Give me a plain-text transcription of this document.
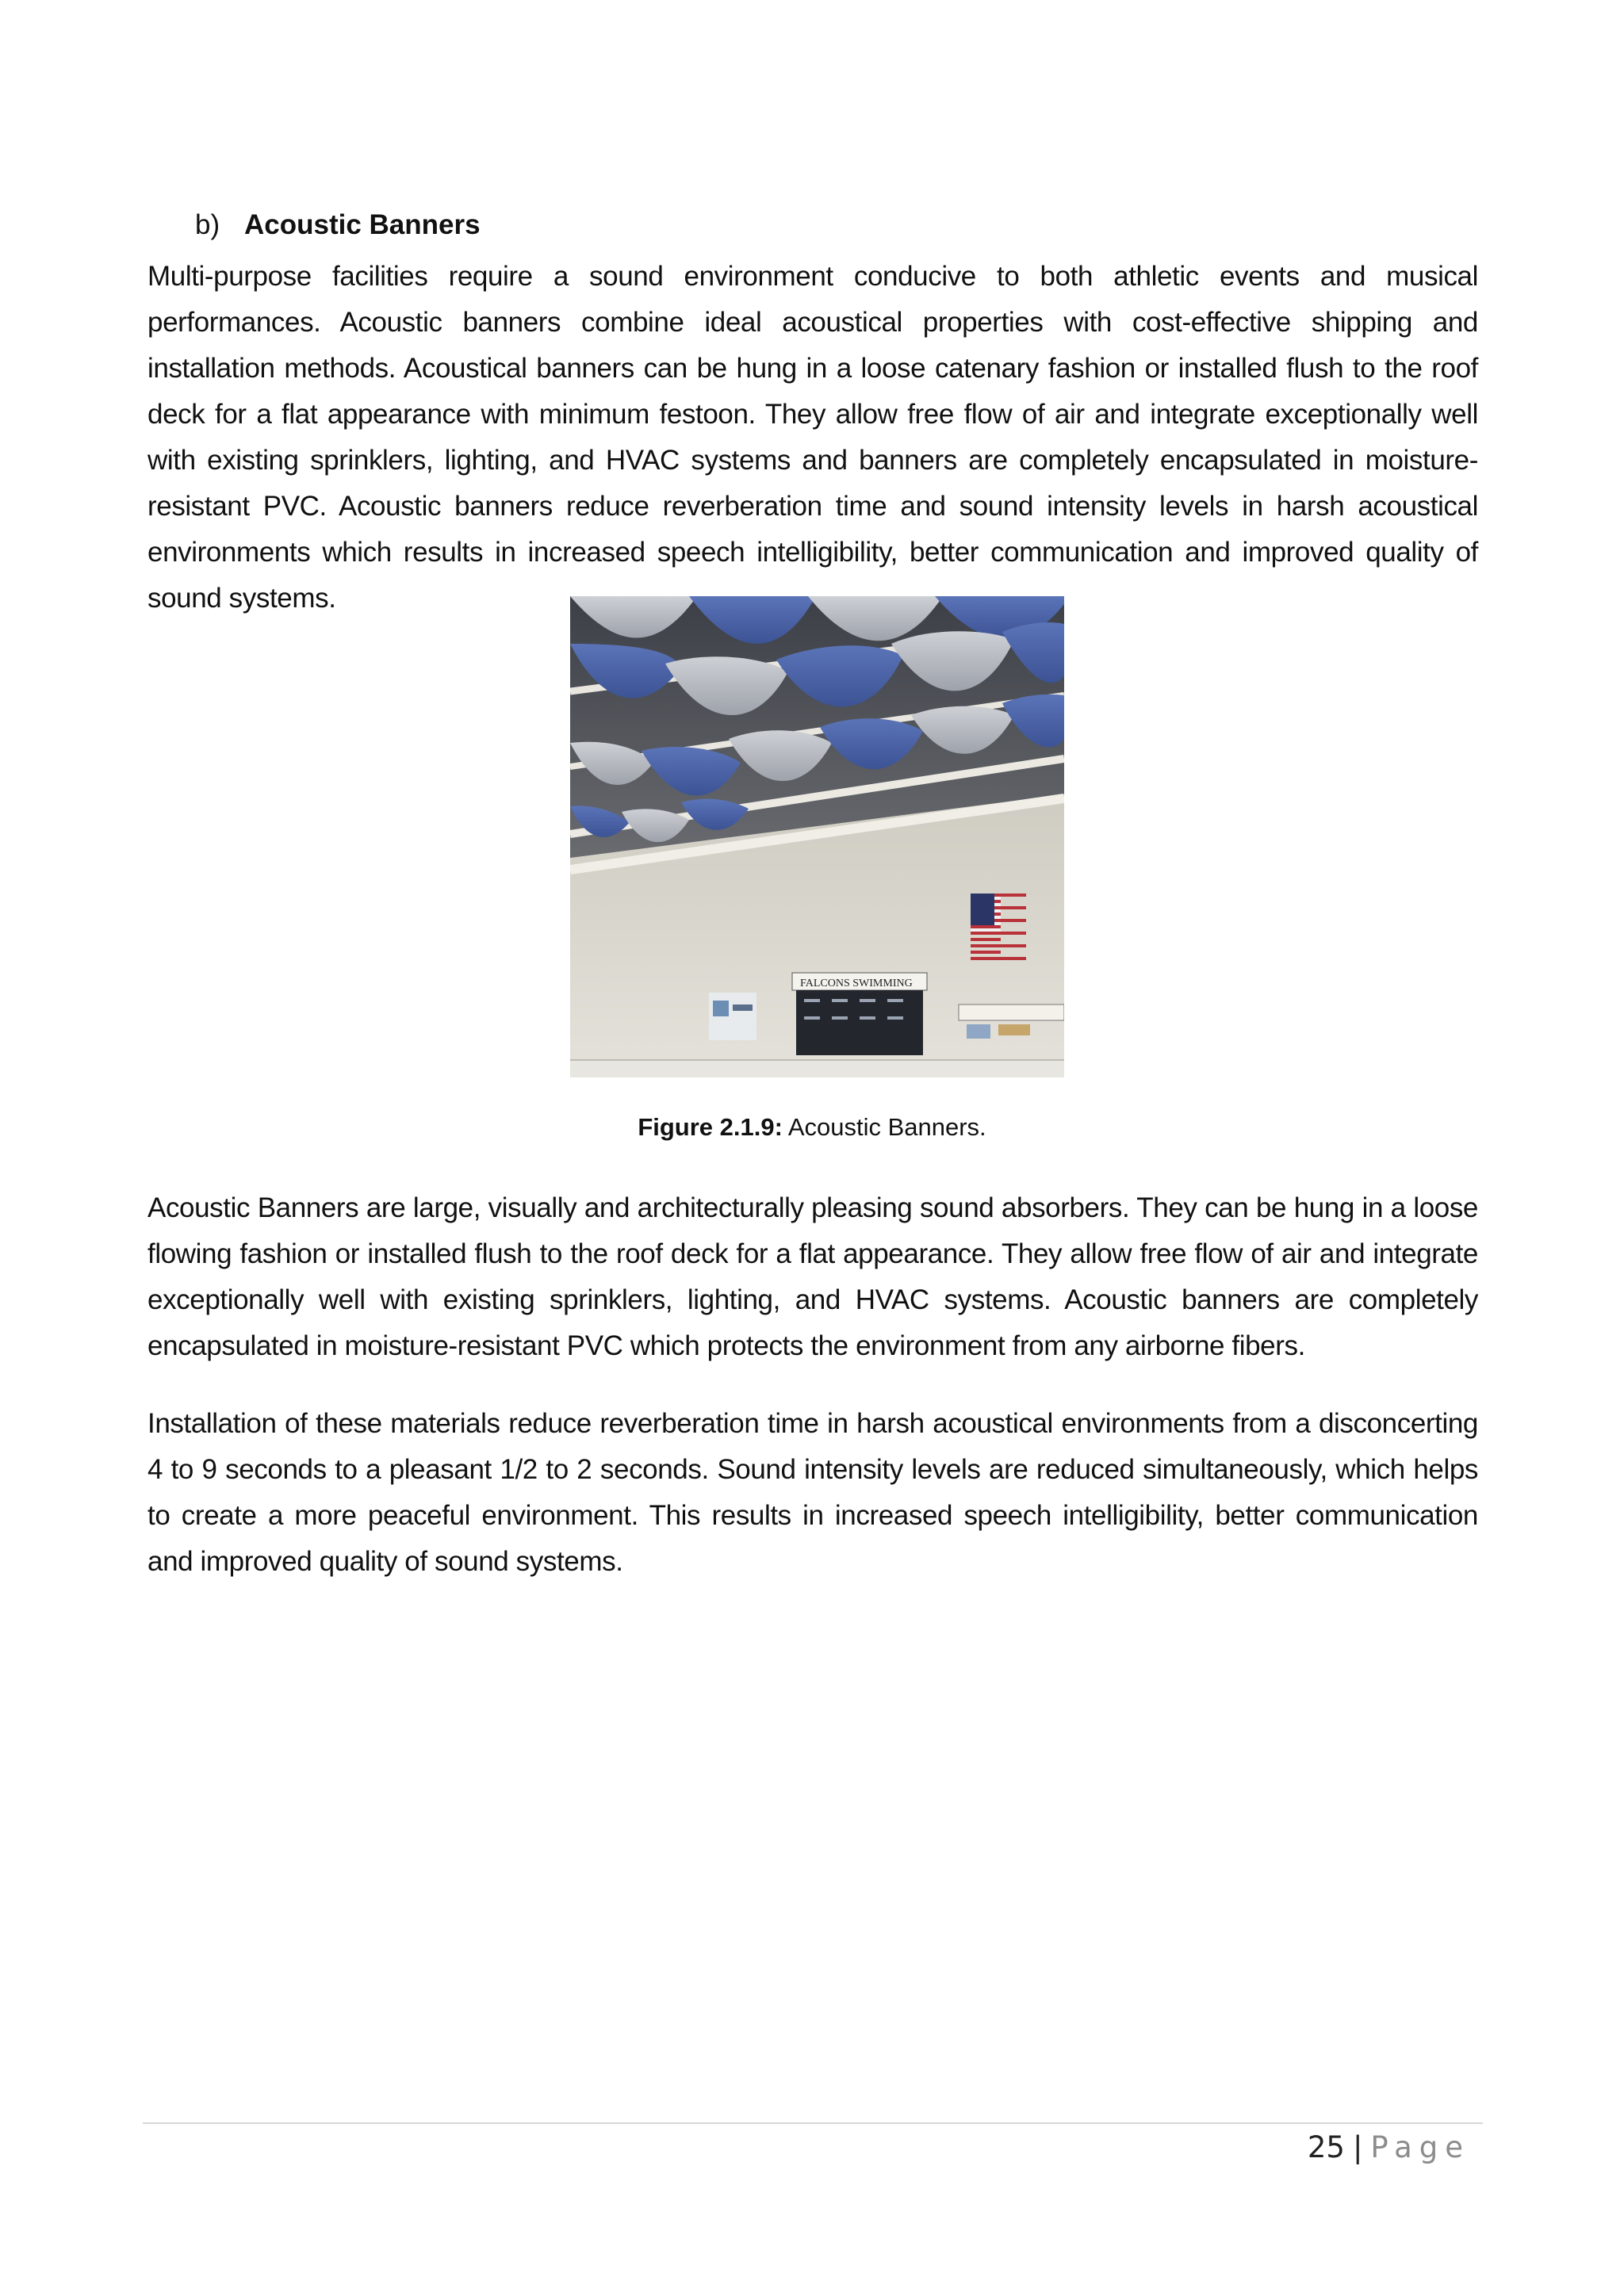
b) Acoustic Banners

Multi-purpose facilities require a sound environment conducive to both athletic events and musical performances. Acoustic banners combine ideal acoustical properties with cost-effective shipping and installation methods. Acoustical banners can be hung in a loose catenary fashion or installed flush to the roof deck for a flat appearance with minimum festoon. They allow free flow of air and integrate exceptionally well with existing sprinklers, lighting, and HVAC systems and banners are completely encapsulated in moisture-resistant PVC. Acoustic banners reduce reverberation time and sound intensity levels in harsh acoustical environments which results in increased speech intelligibility, better communication and improved quality of sound systems.

FALCONS SWIMMING
Figure 2.1.9: Acoustic Banners.

Acoustic Banners are large, visually and architecturally pleasing sound absorbers. They can be hung in a loose flowing fashion or installed flush to the roof deck for a flat appearance. They allow free flow of air and integrate exceptionally well with existing sprinklers, lighting, and HVAC systems. Acoustic banners are completely encapsulated in moisture-resistant PVC which protects the environment from any airborne fibers.

Installation of these materials reduce reverberation time in harsh acoustical environments from a disconcerting 4 to 9 seconds to a pleasant 1/2 to 2 seconds. Sound intensity levels are reduced simultaneously, which helps to create a more peaceful environment. This results in increased speech intelligibility, better communication and improved quality of sound systems.

25 | Page
